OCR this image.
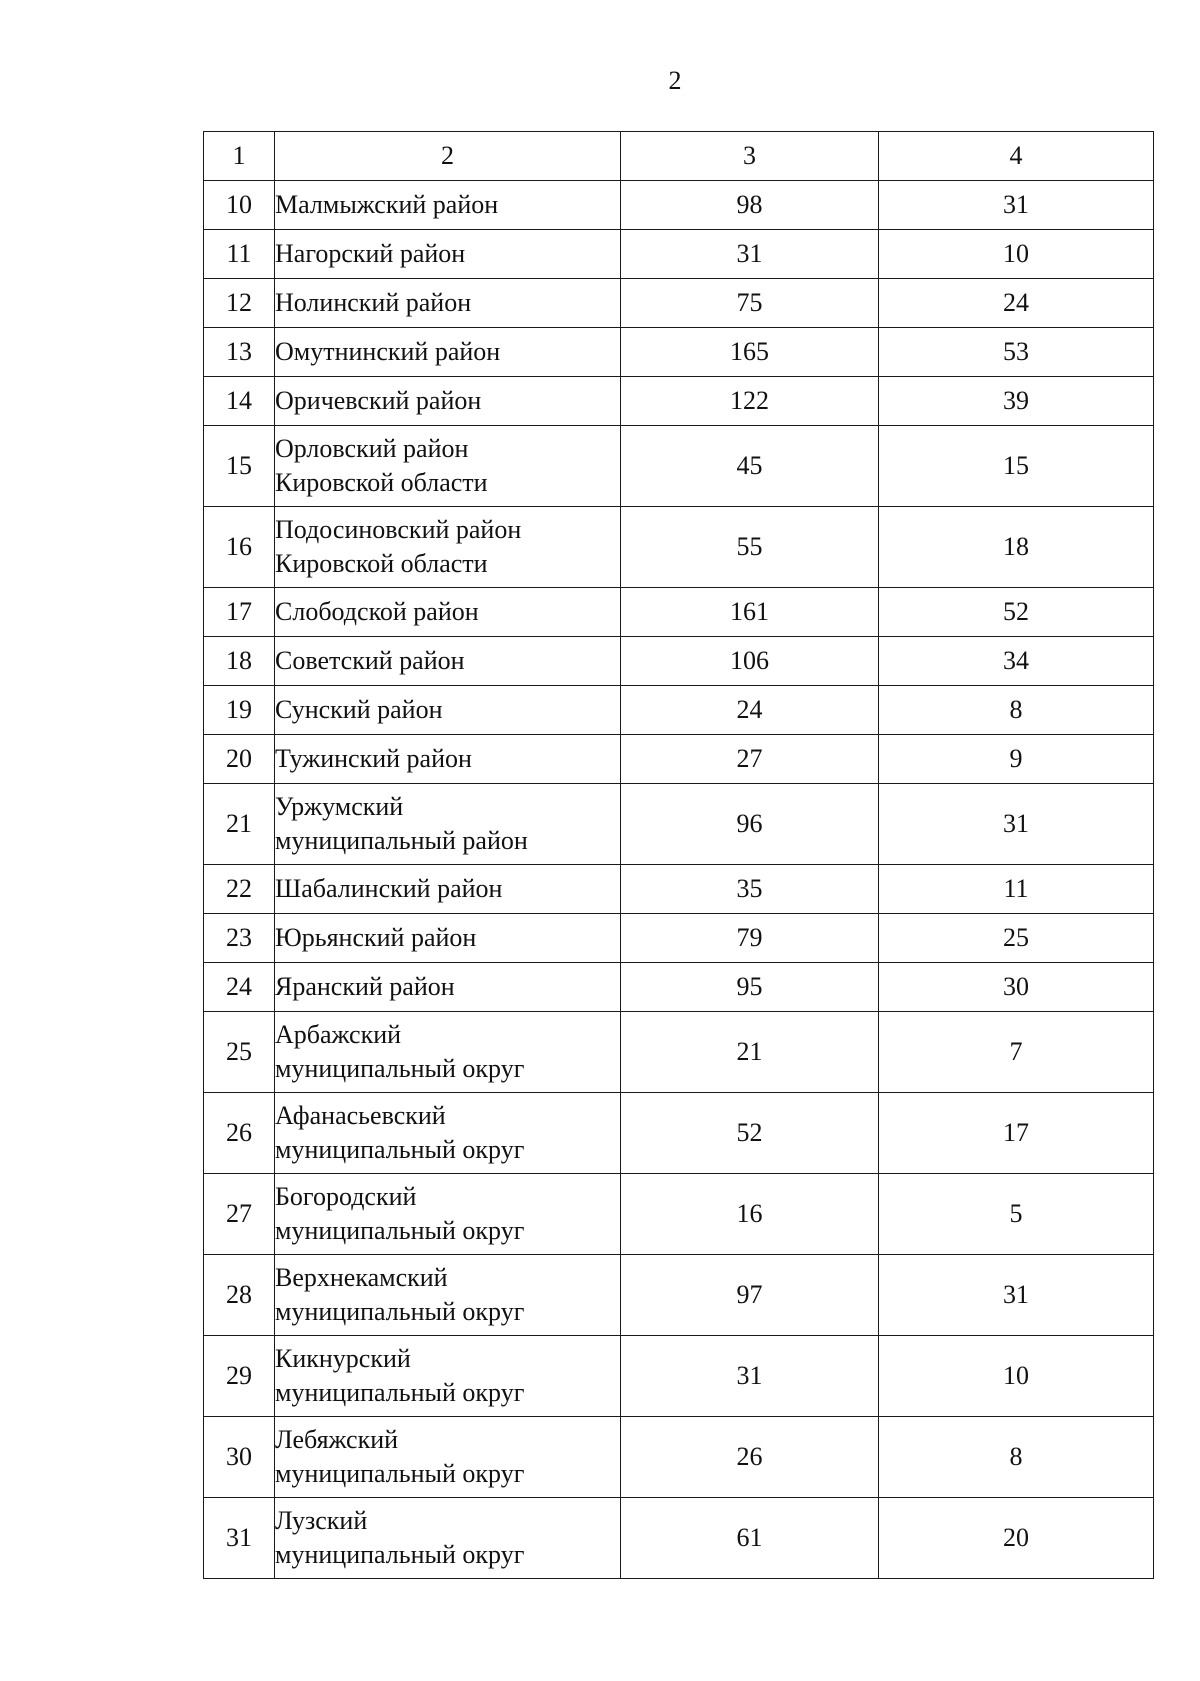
2
1	2	3	4
10	Малмыжский район	98	31
11	Нагорский район	31	10
12	Нолинский район	75	24
13	Омутнинский район	165	53
14	Оричевский район	122	39
15	Орловский район
Кировской области	45	15
16	Подосиновский район
Кировской области	55	18
17	Слободской район	161	52
18	Советский район	106	34
19	Сунский район	24	8
20	Тужинский район	27	9
21	Уржумский
муниципальный район	96	31
22	Шабалинский район	35	11
23	Юрьянский район	79	25
24	Яранский район	95	30
25	Арбажский
муниципальный округ	21	7
26	Афанасьевский
муниципальный округ	52	17
27	Богородский
муниципальный округ	16	5
28	Верхнекамский
муниципальный округ	97	31
29	Кикнурский
муниципальный округ	31	10
30	Лебяжский
муниципальный округ	26	8
31	Лузский
муниципальный округ	61	20
